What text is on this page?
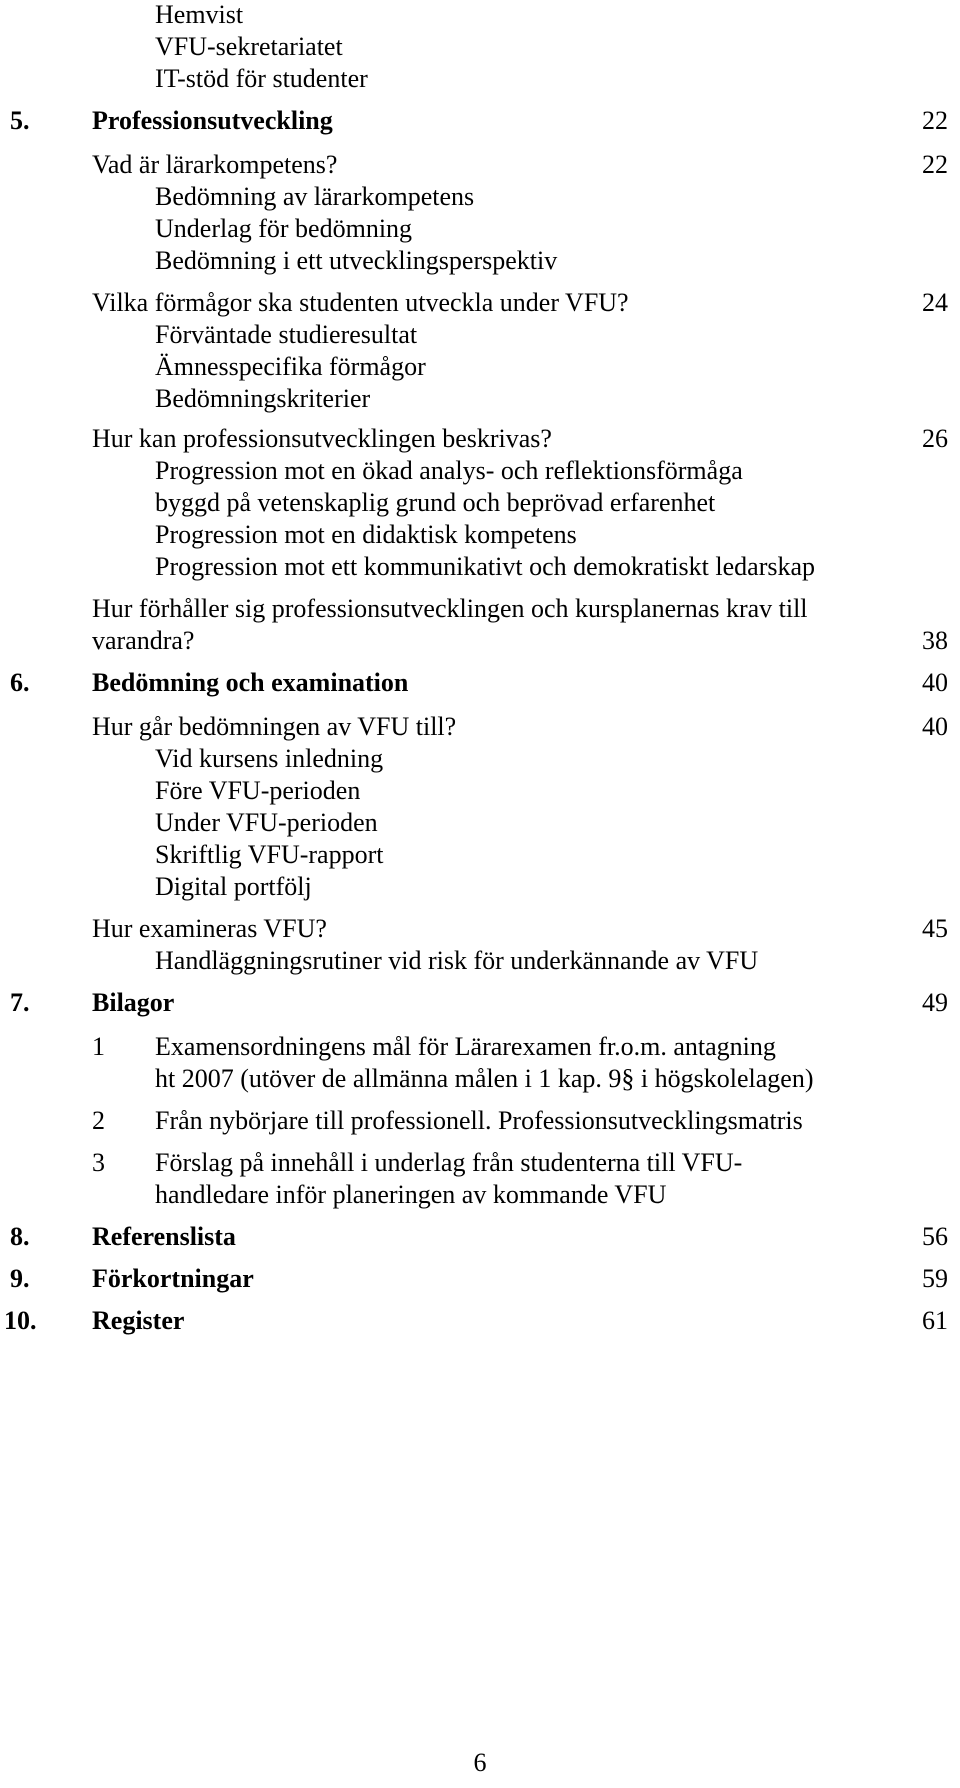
Hemvist
VFU-sekretariatet
IT-stöd för studenter
5. Professionsutveckling	22
Vad är lärarkompetens?	22
Bedömning av lärarkompetens
Underlag för bedömning
Bedömning i ett utvecklingsperspektiv
Vilka förmågor ska studenten utveckla under VFU?	24
Förväntade studieresultat
Ämnesspecifika förmågor
Bedömningskriterier
Hur kan professionsutvecklingen beskrivas?	26
Progression mot en ökad analys- och reflektionsförmåga
byggd på vetenskaplig grund och beprövad erfarenhet
Progression mot en didaktisk kompetens
Progression mot ett kommunikativt och demokratiskt ledarskap
Hur förhåller sig professionsutvecklingen och kursplanernas krav till
varandra?	38
6. Bedömning och examination	40
Hur går bedömningen av VFU till?	40
Vid kursens inledning
Före VFU-perioden
Under VFU-perioden
Skriftlig VFU-rapport
Digital portfölj
Hur examineras VFU?	45
Handläggningsrutiner vid risk för underkännande av VFU
7. Bilagor	49
1 Examensordningens mål för Lärarexamen fr.o.m. antagning
ht 2007 (utöver de allmänna målen i 1 kap. 9§ i högskolelagen)
2 Från nybörjare till professionell. Professionsutvecklingsmatris
3 Förslag på innehåll i underlag från studenterna till VFU-
handledare inför planeringen av kommande VFU
8. Referenslista	56
9. Förkortningar	59
10. Register	61
6
